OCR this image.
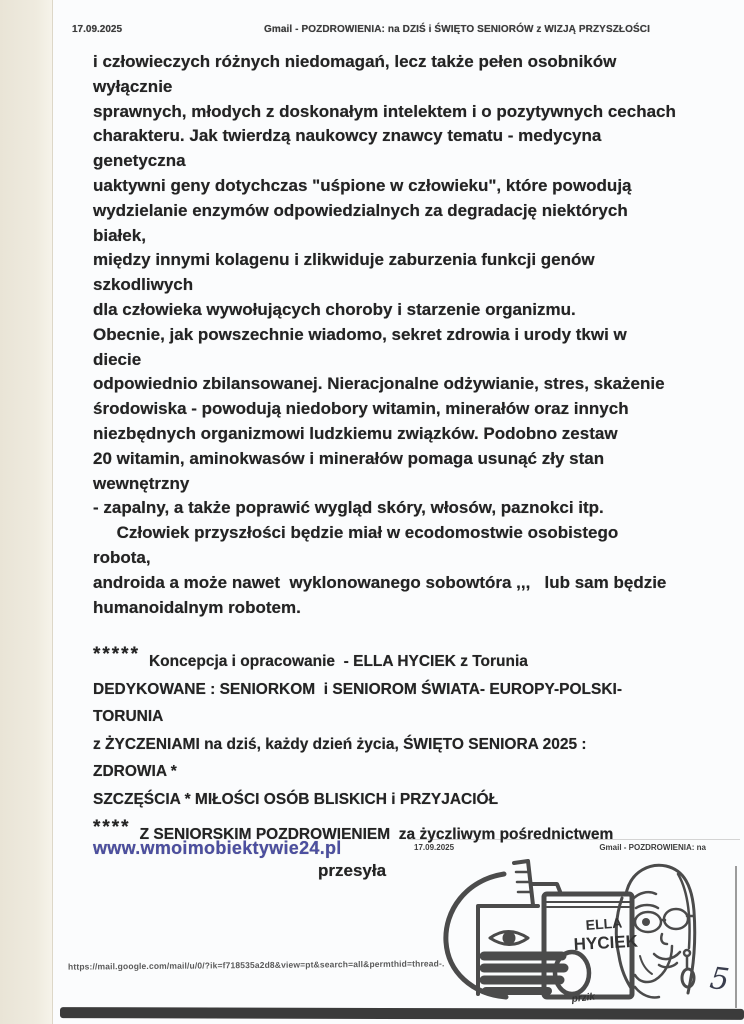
17.09.2025	Gmail - POZDROWIENIA: na DZIŚ i ŚWIĘTO SENIORÓW z WIZJĄ PRZYSZŁOŚCI
i człowieczych różnych niedomagań, lecz także pełen osobników
wyłącznie
sprawnych, młodych z doskonałym intelektem i o pozytywnych cechach
charakteru. Jak twierdzą naukowcy znawcy tematu - medycyna
genetyczna
uaktywni geny dotychczas "uśpione w człowieku", które powodują
wydzielanie enzymów odpowiedzialnych za degradację niektórych
białek,
między innymi kolagenu i zlikwiduje zaburzenia funkcji genów
szkodliwych
dla człowieka wywołujących choroby i starzenie organizmu.
Obecnie, jak powszechnie wiadomo, sekret zdrowia i urody tkwi w
diecie
odpowiednio zbilansowanej. Nieracjonalne odżywianie, stres, skażenie
środowiska - powodują niedobory witamin, minerałów oraz innych
niezbędnych organizmowi ludzkiemu związków. Podobno zestaw
20 witamin, aminokwasów i minerałów pomaga usunąć zły stan
wewnętrzny
- zapalny, a także poprawić wygląd skóry, włosów, paznokci itp.
Człowiek przyszłości będzie miał w ecodomostwie osobistego
robota,
androida a może nawet  wyklonowanego sobowtóra ,,,   lub sam będzie
humanoidalnym robotem.
***** Koncepcja i opracowanie  - ELLA HYCIEK z Torunia
DEDYKOWANE : SENIORKOM  i SENIOROM ŚWIATA- EUROPY-POLSKI-
TORUNIA
z ŻYCZENIAMI na dziś, każdy dzień życia, ŚWIĘTO SENIORA 2025 :
ZDROWIA *
SZCZĘŚCIA * MIŁOŚCI OSÓB BLISKICH i PRZYJACIÓŁ
**** Z SENIORSKIM POZDROWIENIEM  za życzliwym pośrednictwem
www.wmoimobiektywie24.pl
przesyła
17.09.2025	Gmail - POZDROWIENIA: na
ELLA
HYCIEK
przik
https://mail.google.com/mail/u/0/?ik=f718535a2d8&view=pt&search=all&permthid=thread-.	5
